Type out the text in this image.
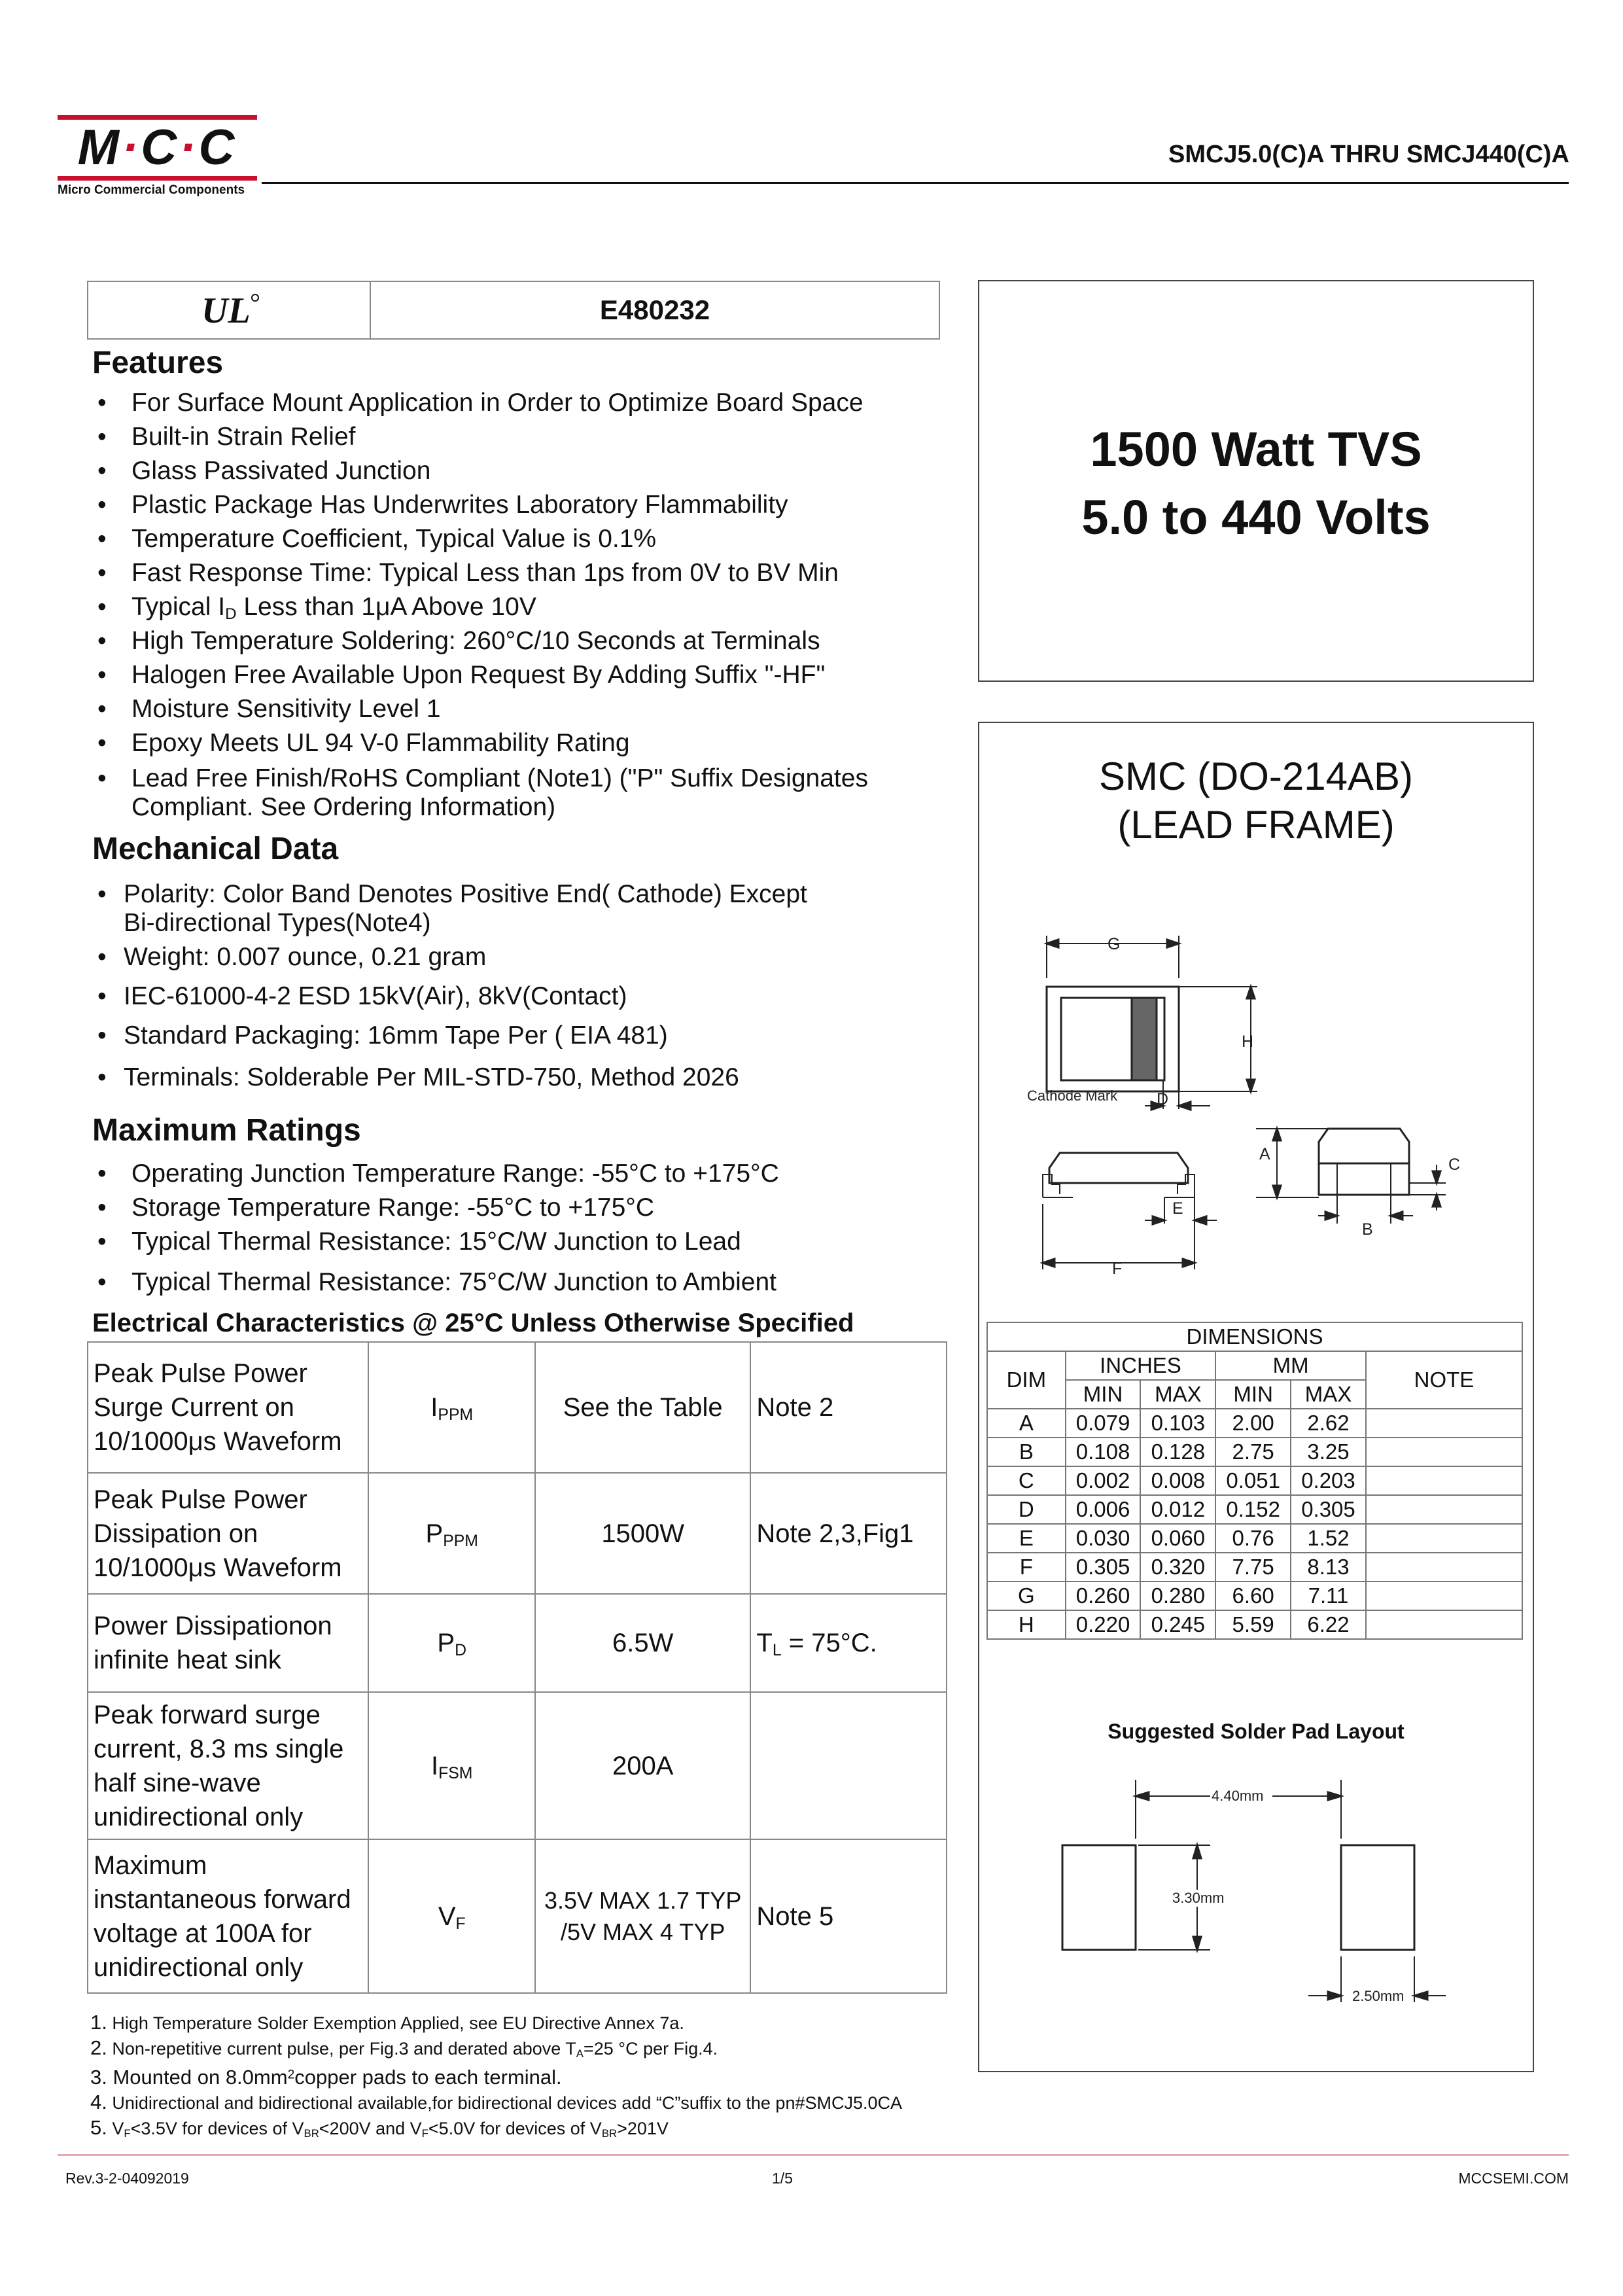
M·C·C
Micro Commercial Components
SMCJ5.0(C)A THRU SMCJ440(C)A
UL	E480232
Features
• For Surface Mount Application in Order to Optimize Board Space
• Built-in Strain Relief
• Glass Passivated Junction
• Plastic Package Has Underwrites Laboratory Flammability
• Temperature Coefficient, Typical Value is 0.1%
• Fast Response Time: Typical Less than 1ps from 0V to BV Min
• Typical $I_D$ Less than 1μA Above 10V
• High Temperature Soldering: 260°C/10 Seconds at Terminals
• Halogen Free Available Upon Request By Adding Suffix "-HF"
• Moisture Sensitivity Level 1
• Epoxy Meets UL 94 V-0 Flammability Rating
• Lead Free Finish/RoHS Compliant (Note1) ("P" Suffix Designates
Compliant. See Ordering Information)
Mechanical Data
• Polarity: Color Band Denotes Positive End( Cathode) Except
Bi-directional Types(Note4)
• Weight: 0.007 ounce, 0.21 gram
• IEC-61000-4-2 ESD 15kV(Air), 8kV(Contact)
• Standard Packaging: 16mm Tape Per ( EIA 481)
• Terminals: Solderable Per MIL-STD-750, Method 2026
Maximum Ratings
• Operating Junction Temperature Range: -55°C to +175°C
• Storage Temperature Range: -55°C to +175°C
• Typical Thermal Resistance: 15°C/W Junction to Lead
• Typical Thermal Resistance: 75°C/W Junction to Ambient
Electrical Characteristics @ 25°C Unless Otherwise Specified
Peak Pulse Power
Surge Current on
10/1000μs Waveform	$I_{PPM}$	See the Table	Note 2
Peak Pulse Power
Dissipation on
10/1000μs Waveform	$P_{PPM}$	1500W	Note 2,3,Fig1
Power Dissipationon
infinite heat sink	$P_D$	6.5W	$T_L = 75^\circ C$.
Peak forward surge
current, 8.3 ms single
half sine-wave
unidirectional only	$I_{FSM}$	200A	
Maximum
instantaneous forward
voltage at 100A for
unidirectional only	$V_F$	3.5V MAX 1.7 TYP
/5V MAX 4 TYP	Note 5
1. High Temperature Solder Exemption Applied, see EU Directive Annex 7a.
2. Non-repetitive current pulse, per Fig.3 and derated above $T_A=25$ °C per Fig.4.
3. Mounted on $8.0mm^2copper$ pads to each terminal.
4. Unidirectional and bidirectional available,for bidirectional devices add “C”suffix to the pn#SMCJ5.0CA
5. $V_F<3.5V$ for devices of $V_{BR}<200V$ and $V_F<5.0V$ for devices of $V_{BR}>201V$
1500 Watt TVS
5.0 to 440 Volts
SMC (DO-214AB)
(LEAD FRAME)
G
H
Cathode Mark D
A
C
E
B
F
DIMENSIONS					
DIM	INCHES		MM		NOTE
	MIN	MAX	MIN	MAX	
A	0.079	0.103	2.00	2.62	
B	0.108	0.128	2.75	3.25	
C	0.002	0.008	0.051	0.203	
D	0.006	0.012	0.152	0.305	
E	0.030	0.060	0.76	1.52	
F	0.305	0.320	7.75	8.13	
G	0.260	0.280	6.60	7.11	
H	0.220	0.245	5.59	6.22	
Suggested Solder Pad Layout
4.40mm
3.30mm
2.50mm
Rev.3-2-04092019	1/5	MCCSEMI.COM
